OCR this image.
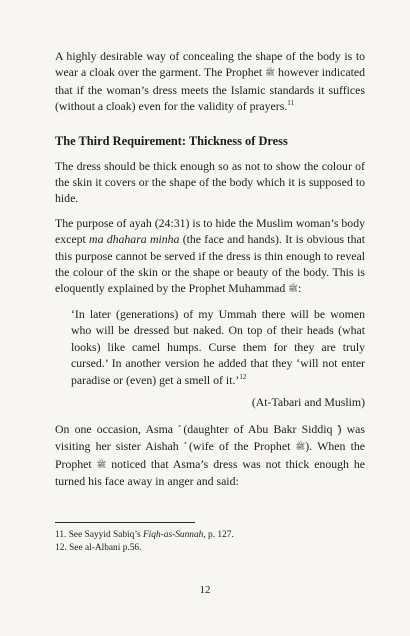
A highly desirable way of concealing the shape of the body is to wear a cloak over the garment. The Prophet ﷺ however indicated that if the woman’s dress meets the Islamic standards it suffices (without a cloak) even for the validity of prayers.$^{11}$

The Third Requirement: Thickness of Dress

The dress should be thick enough so as not to show the colour of the skin it covers or the shape of the body which it is supposed to hide.

The purpose of ayah (24:31) is to hide the Muslim woman’s body except ma dhahara minha (the face and hands). It is obvious that this purpose cannot be served if the dress is thin enough to reveal the colour of the skin or the shape or beauty of the body. This is eloquently explained by the Prophet Muhammad ﷺ:

‘In later (generations) of my Ummah there will be women who will be dressed but naked. On top of their heads (what looks) like camel humps. Curse them for they are truly cursed.’ In another version he added that they ‘will not enter paradise or (even) get a smell of it.’$^{12}$

(At-Tabari and Muslim)

On one occasion, Asma (daughter of Abu Bakr Siddiq ) was visiting her sister Aishah (wife of the Prophet ﷺ). When the Prophet ﷺ noticed that Asma’s dress was not thick enough he turned his face away in anger and said:

11. See Sayyid Sabiq’s Fiqh-as-Sunnah, p. 127.
12. See al-Albani p.56.
12
